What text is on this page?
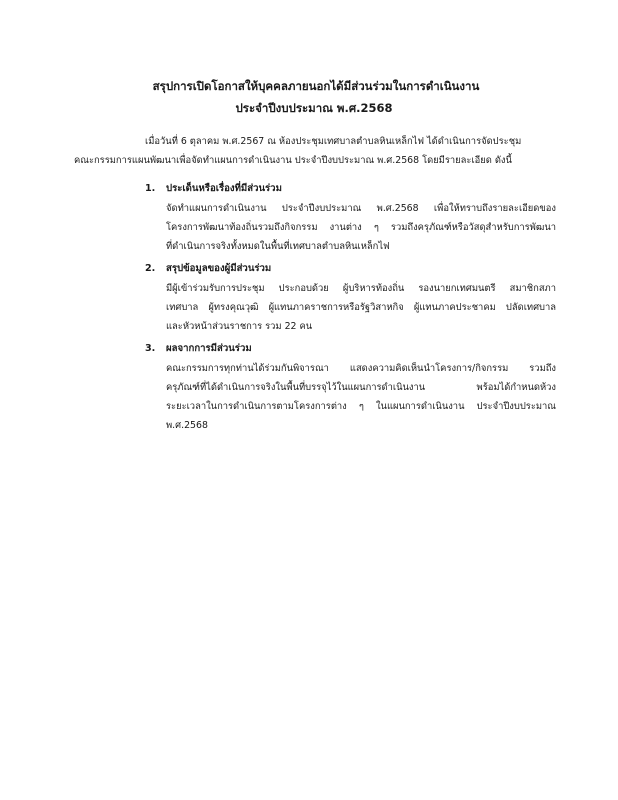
สรุปการเปิดโอกาสให้บุคคลภายนอกได้มีส่วนร่วมในการดำเนินงาน
ประจำปีงบประมาณ พ.ศ.2568
เมื่อวันที่ 6 ตุลาคม พ.ศ.2567 ณ ห้องประชุมเทศบาลตำบลหินเหล็กไฟ ได้ดำเนินการจัดประชุม
คณะกรรมการแผนพัฒนาเพื่อจัดทำแผนการดำเนินงาน ประจำปีงบประมาณ พ.ศ.2568 โดยมีรายละเอียด ดังนี้
1. ประเด็นหรือเรื่องที่มีส่วนร่วม
จัดทำแผนการดำเนินงาน ประจำปีงบประมาณ พ.ศ.2568 เพื่อให้ทราบถึงรายละเอียดของ
โครงการพัฒนาท้องถิ่นรวมถึงกิจกรรม งานต่าง ๆ รวมถึงครุภัณฑ์หรือวัสดุสำหรับการพัฒนา
ที่ดำเนินการจริงทั้งหมดในพื้นที่เทศบาลตำบลหินเหล็กไฟ
2. สรุปข้อมูลของผู้มีส่วนร่วม
มีผู้เข้าร่วมรับการประชุม ประกอบด้วย ผู้บริหารท้องถิ่น รองนายกเทศมนตรี สมาชิกสภา
เทศบาล ผู้ทรงคุณวุฒิ ผู้แทนภาคราชการหรือรัฐวิสาหกิจ ผู้แทนภาคประชาคม ปลัดเทศบาล
และหัวหน้าส่วนราชการ รวม 22 คน
3. ผลจากการมีส่วนร่วม
คณะกรรมการทุกท่านได้ร่วมกันพิจารณา แสดงความคิดเห็นนำโครงการ/กิจกรรม รวมถึง
ครุภัณฑ์ที่ได้ดำเนินการจริงในพื้นที่บรรจุไว้ในแผนการดำเนินงาน พร้อมได้กำหนดห้วง
ระยะเวลาในการดำเนินการตามโครงการต่าง ๆ ในแผนการดำเนินงาน ประจำปีงบประมาณ
พ.ศ.2568
